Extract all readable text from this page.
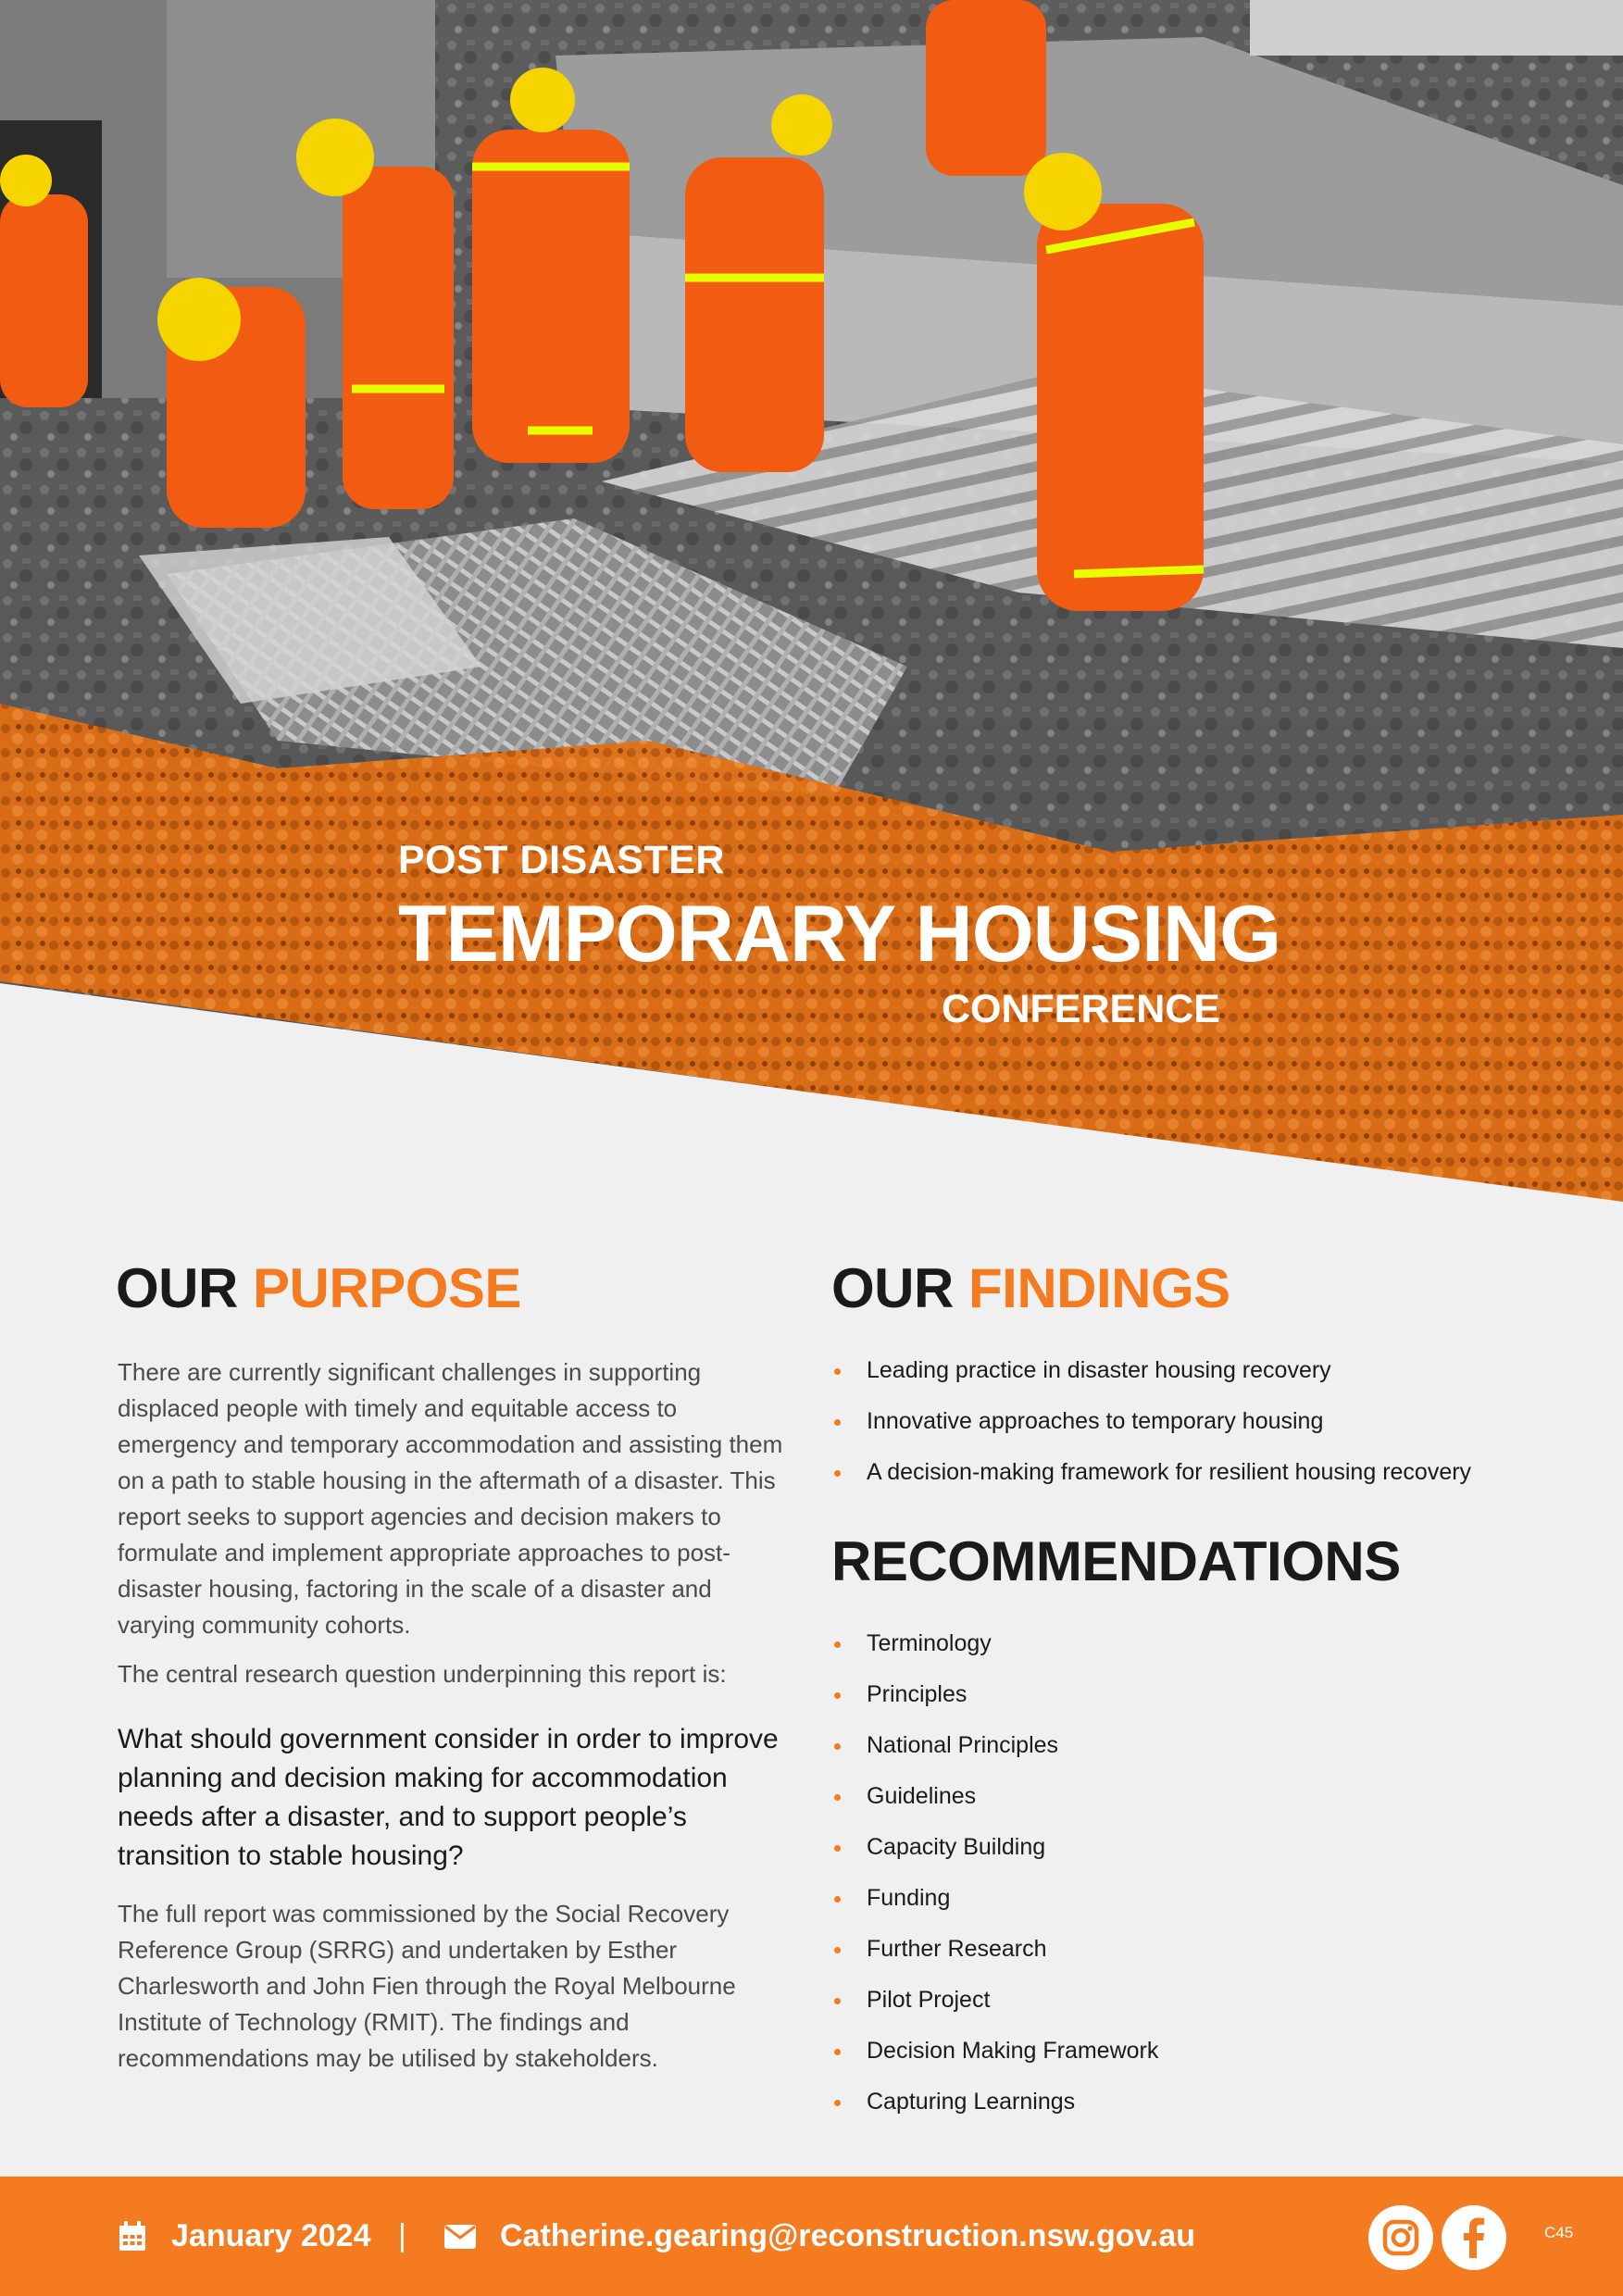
POST DISASTER
TEMPORARY HOUSING
CONFERENCE
OUR PURPOSE

There are currently significant challenges in supporting displaced people with timely and equitable access to emergency and temporary accommodation and assisting them on a path to stable housing in the aftermath of a disaster. This report seeks to support agencies and decision makers to formulate and implement appropriate approaches to post-disaster housing, factoring in the scale of a disaster and varying community cohorts.

The central research question underpinning this report is:

What should government consider in order to improve planning and decision making for accommodation needs after a disaster, and to support people’s transition to stable housing?

The full report was commissioned by the Social Recovery Reference Group (SRRG) and undertaken by Esther Charlesworth and John Fien through the Royal Melbourne Institute of Technology (RMIT). The findings and recommendations may be utilised by stakeholders.

OUR FINDINGS
Leading practice in disaster housing recovery
Innovative approaches to temporary housing
A decision-making framework for resilient housing recovery
RECOMMENDATIONS
Terminology
Principles
National Principles
Guidelines
Capacity Building
Funding
Further Research
Pilot Project
Decision Making Framework
Capturing Learnings
January 2024 |	Catherine.gearing@reconstruction.nsw.gov.au	C45
